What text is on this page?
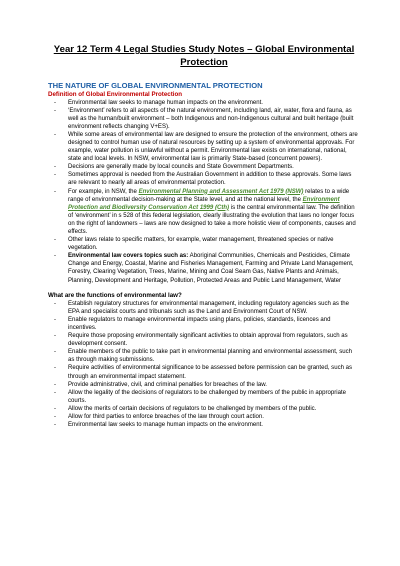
Year 12 Term 4 Legal Studies Study Notes – Global Environmental
Protection
THE NATURE OF GLOBAL ENVIRONMENTAL PROTECTION
Definition of Global Environmental Protection
- Environmental law seeks to manage human impacts on the environment.
- ‘Environment’ refers to all aspects of the natural environment, including land, air, water, flora and fauna, as well as the human/built environment – both Indigenous and non-Indigenous cultural and built heritage (built environment reflects changing V+ES).
- While some areas of environmental law are designed to ensure the protection of the environment, others are designed to control human use of natural resources by setting up a system of environmental approvals. For example, water pollution is unlawful without a permit. Environmental law exists on international, national, state and local levels. In NSW, environmental law is primarily State-based (concurrent powers).
- Decisions are generally made by local councils and State Government Departments.
- Sometimes approval is needed from the Australian Government in addition to these approvals. Some laws are relevant to nearly all areas of environmental protection.
- For example, in NSW, the Environmental Planning and Assessment Act 1979 (NSW) relates to a wide range of environmental decision-making at the State level, and at the national level, the Environment Protection and Biodiversity Conservation Act 1999 (Cth) is the central environmental law. The definition of ‘environment’ in s 528 of this federal legislation, clearly illustrating the evolution that laws no longer focus on the right of landowners – laws are now designed to take a more holistic view of components, causes and effects.
- Other laws relate to specific matters, for example, water management, threatened species or native vegetation.
- Environmental law covers topics such as: Aboriginal Communities, Chemicals and Pesticides, Climate Change and Energy, Coastal, Marine and Fisheries Management, Farming and Private Land Management, Forestry, Clearing Vegetation, Trees, Marine, Mining and Coal Seam Gas, Native Plants and Animals, Planning, Development and Heritage, Pollution, Protected Areas and Public Land Management, Water
What are the functions of environmental law?
- Establish regulatory structures for environmental management, including regulatory agencies such as the EPA and specialist courts and tribunals such as the Land and Environment Court of NSW.
- Enable regulators to manage environmental impacts using plans, policies, standards, licences and incentives.
- Require those proposing environmentally significant activities to obtain approval from regulators, such as development consent.
- Enable members of the public to take part in environmental planning and environmental assessment, such as through making submissions.
- Require activities of environmental significance to be assessed before permission can be granted, such as through an environmental impact statement.
- Provide administrative, civil, and criminal penalties for breaches of the law.
- Allow the legality of the decisions of regulators to be challenged by members of the public in appropriate courts.
- Allow the merits of certain decisions of regulators to be challenged by members of the public.
- Allow for third parties to enforce breaches of the law through court action.
- Environmental law seeks to manage human impacts on the environment.
